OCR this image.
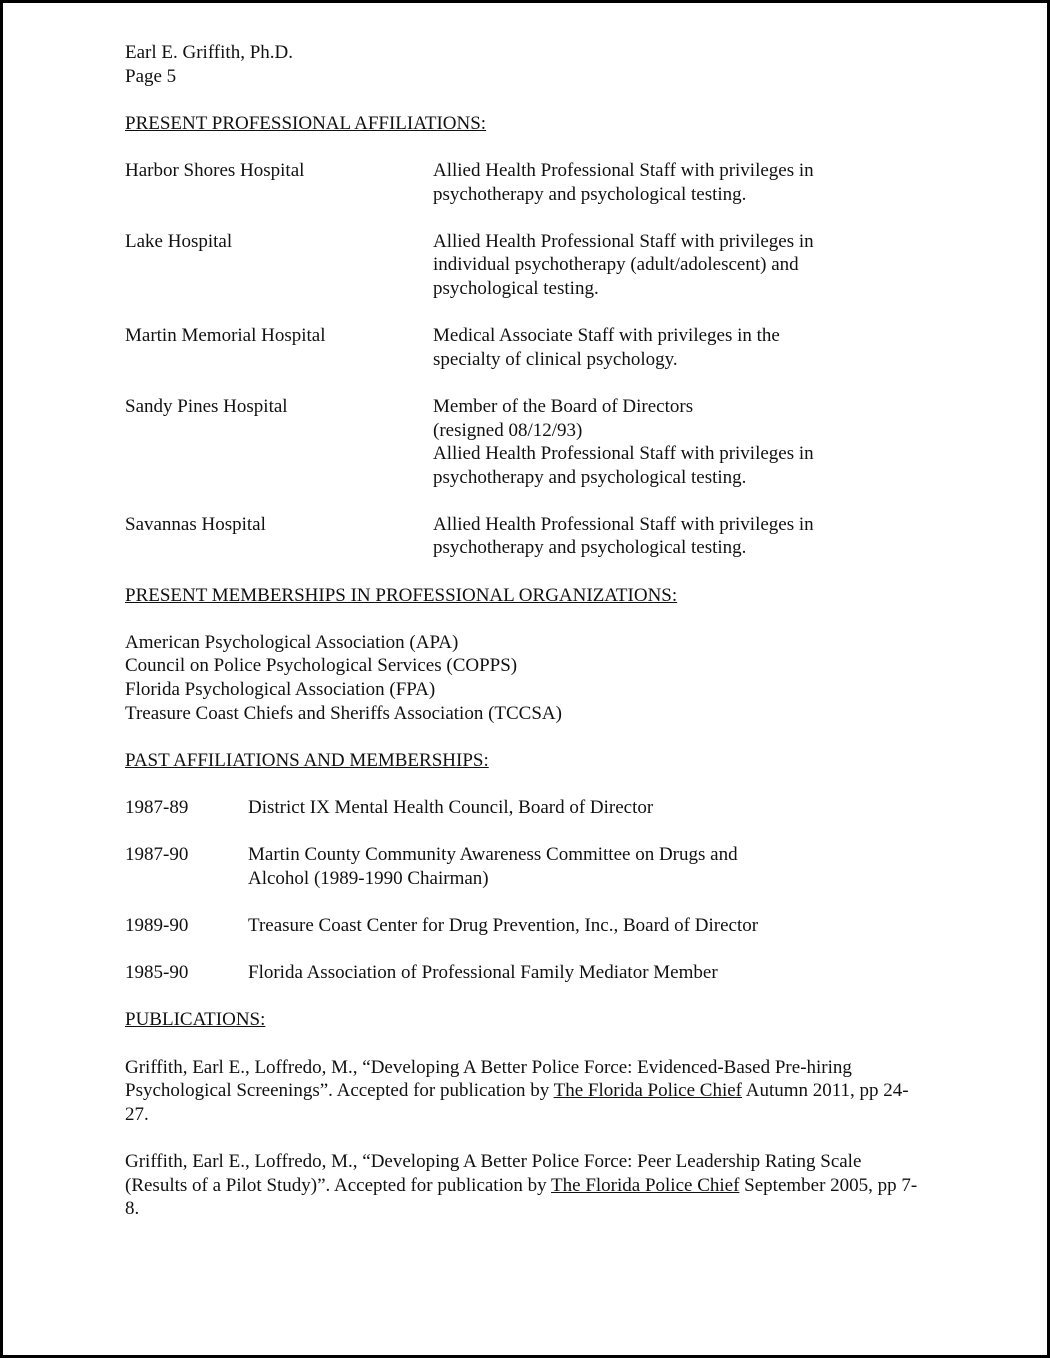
Earl E. Griffith, Ph.D.
Page 5
PRESENT PROFESSIONAL AFFILIATIONS:
Harbor Shores Hospital	Allied Health Professional Staff with privileges in
psychotherapy and psychological testing.
Lake Hospital	Allied Health Professional Staff with privileges in
individual psychotherapy (adult/adolescent) and
psychological testing.
Martin Memorial Hospital	Medical Associate Staff with privileges in the
specialty of clinical psychology.
Sandy Pines Hospital	Member of the Board of Directors
(resigned 08/12/93)
Allied Health Professional Staff with privileges in
psychotherapy and psychological testing.
Savannas Hospital	Allied Health Professional Staff with privileges in
psychotherapy and psychological testing.
PRESENT MEMBERSHIPS IN PROFESSIONAL ORGANIZATIONS:
American Psychological Association (APA)
Council on Police Psychological Services (COPPS)
Florida Psychological Association (FPA)
Treasure Coast Chiefs and Sheriffs Association (TCCSA)
PAST AFFILIATIONS AND MEMBERSHIPS:
1987-89	District IX Mental Health Council, Board of Director
1987-90	Martin County Community Awareness Committee on Drugs and
Alcohol (1989-1990 Chairman)
1989-90	Treasure Coast Center for Drug Prevention, Inc., Board of Director
1985-90	Florida Association of Professional Family Mediator Member
PUBLICATIONS:
Griffith, Earl E., Loffredo, M., “Developing A Better Police Force: Evidenced-Based Pre-hiring Psychological Screenings”. Accepted for publication by The Florida Police Chief Autumn 2011, pp 24-27.
Griffith, Earl E., Loffredo, M., “Developing A Better Police Force: Peer Leadership Rating Scale (Results of a Pilot Study)”. Accepted for publication by The Florida Police Chief September 2005, pp 7-8.
